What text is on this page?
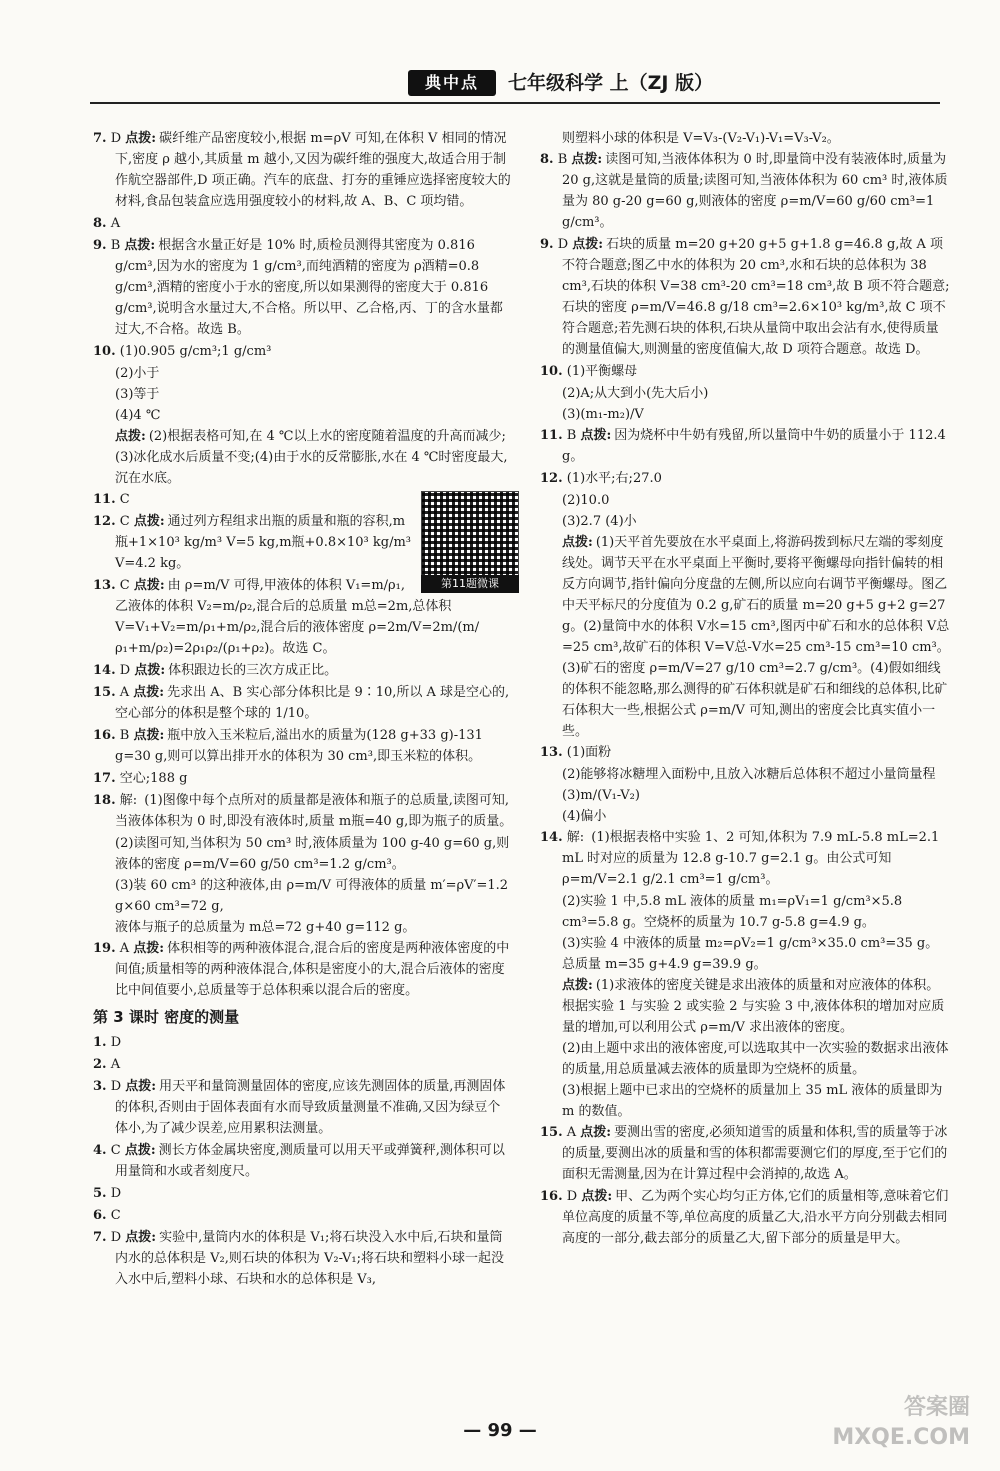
典中点	七年级科学 上（ZJ 版）
7. D 点拨: 碳纤维产品密度较小,根据 m=ρV 可知,在体积 V 相同的情况下,密度 ρ 越小,其质量 m 越小,又因为碳纤维的强度大,故适合用于制作航空器部件,D 项正确。汽车的底盘、打夯的重锤应选择密度较大的材料,食品包装盒应选用强度较小的材料,故 A、B、C 项均错。
8. A
9. B 点拨: 根据含水量正好是 10% 时,质检员测得其密度为 0.816 g/cm³,因为水的密度为 1 g/cm³,而纯酒精的密度为 ρ酒精=0.8 g/cm³,酒精的密度小于水的密度,所以如果测得的密度大于 0.816 g/cm³,说明含水量过大,不合格。所以甲、乙合格,丙、丁的含水量都过大,不合格。故选 B。
10. (1)0.905 g/cm³;1 g/cm³
(2)小于
(3)等于
(4)4 ℃
点拨: (2)根据表格可知,在 4 ℃以上水的密度随着温度的升高而减少;(3)冰化成水后质量不变;(4)由于水的反常膨胀,水在 4 ℃时密度最大,沉在水底。
第11题微课
11. C
12. C 点拨: 通过列方程组求出瓶的质量和瓶的容积,m瓶+1×10³ kg/m³ V=5 kg,m瓶+0.8×10³ kg/m³ V=4.2 kg。
13. C 点拨: 由 ρ=m/V 可得,甲液体的体积 V₁=m/ρ₁,乙液体的体积 V₂=m/ρ₂,混合后的总质量 m总=2m,总体积 V=V₁+V₂=m/ρ₁+m/ρ₂,混合后的液体密度 ρ=2m/V=2m/(m/ρ₁+m/ρ₂)=2ρ₁ρ₂/(ρ₁+ρ₂)。故选 C。
14. D 点拨: 体积跟边长的三次方成正比。
15. A 点拨: 先求出 A、B 实心部分体积比是 9∶10,所以 A 球是空心的,空心部分的体积是整个球的 1/10。
16. B 点拨: 瓶中放入玉米粒后,溢出水的质量为(128 g+33 g)-131 g=30 g,则可以算出排开水的体积为 30 cm³,即玉米粒的体积。
17. 空心;188 g
18. 解: (1)图像中每个点所对的质量都是液体和瓶子的总质量,读图可知,当液体体积为 0 时,即没有液体时,质量 m瓶=40 g,即为瓶子的质量。
(2)读图可知,当体积为 50 cm³ 时,液体质量为 100 g-40 g=60 g,则液体的密度 ρ=m/V=60 g/50 cm³=1.2 g/cm³。
(3)装 60 cm³ 的这种液体,由 ρ=m/V 可得液体的质量 m′=ρV′=1.2 g×60 cm³=72 g,
液体与瓶子的总质量为 m总=72 g+40 g=112 g。
19. A 点拨: 体积相等的两种液体混合,混合后的密度是两种液体密度的中间值;质量相等的两种液体混合,体积是密度小的大,混合后液体的密度比中间值要小,总质量等于总体积乘以混合后的密度。
第 3 课时 密度的测量
1. D
2. A
3. D 点拨: 用天平和量筒测量固体的密度,应该先测固体的质量,再测固体的体积,否则由于固体表面有水而导致质量测量不准确,又因为绿豆个体小,为了减少误差,应用累积法测量。
4. C 点拨: 测长方体金属块密度,测质量可以用天平或弹簧秤,测体积可以用量筒和水或者刻度尺。
5. D
6. C
7. D 点拨: 实验中,量筒内水的体积是 V₁;将石块没入水中后,石块和量筒内水的总体积是 V₂,则石块的体积为 V₂-V₁;将石块和塑料小球一起没入水中后,塑料小球、石块和水的总体积是 V₃,
则塑料小球的体积是 V=V₃-(V₂-V₁)-V₁=V₃-V₂。
8. B 点拨: 读图可知,当液体体积为 0 时,即量筒中没有装液体时,质量为 20 g,这就是量筒的质量;读图可知,当液体体积为 60 cm³ 时,液体质量为 80 g-20 g=60 g,则液体的密度 ρ=m/V=60 g/60 cm³=1 g/cm³。
9. D 点拨: 石块的质量 m=20 g+20 g+5 g+1.8 g=46.8 g,故 A 项不符合题意;图乙中水的体积为 20 cm³,水和石块的总体积为 38 cm³,石块的体积 V=38 cm³-20 cm³=18 cm³,故 B 项不符合题意;石块的密度 ρ=m/V=46.8 g/18 cm³=2.6×10³ kg/m³,故 C 项不符合题意;若先测石块的体积,石块从量筒中取出会沾有水,使得质量的测量值偏大,则测量的密度值偏大,故 D 项符合题意。故选 D。
10. (1)平衡螺母
(2)A;从大到小(先大后小)
(3)(m₁-m₂)/V
11. B 点拨: 因为烧杯中牛奶有残留,所以量筒中牛奶的质量小于 112.4 g。
12. (1)水平;右;27.0
(2)10.0
(3)2.7 (4)小
点拨: (1)天平首先要放在水平桌面上,将游码拨到标尺左端的零刻度线处。调节天平在水平桌面上平衡时,要将平衡螺母向指针偏转的相反方向调节,指针偏向分度盘的左侧,所以应向右调节平衡螺母。图乙中天平标尺的分度值为 0.2 g,矿石的质量 m=20 g+5 g+2 g=27 g。(2)量筒中水的体积 V水=15 cm³,图丙中矿石和水的总体积 V总=25 cm³,故矿石的体积 V=V总-V水=25 cm³-15 cm³=10 cm³。(3)矿石的密度 ρ=m/V=27 g/10 cm³=2.7 g/cm³。(4)假如细线的体积不能忽略,那么测得的矿石体积就是矿石和细线的总体积,比矿石体积大一些,根据公式 ρ=m/V 可知,测出的密度会比真实值小一些。
13. (1)面粉
(2)能够将冰糖埋入面粉中,且放入冰糖后总体积不超过小量筒量程
(3)m/(V₁-V₂)
(4)偏小
14. 解: (1)根据表格中实验 1、2 可知,体积为 7.9 mL-5.8 mL=2.1 mL 时对应的质量为 12.8 g-10.7 g=2.1 g。由公式可知 ρ=m/V=2.1 g/2.1 cm³=1 g/cm³。
(2)实验 1 中,5.8 mL 液体的质量 m₁=ρV₁=1 g/cm³×5.8 cm³=5.8 g。空烧杯的质量为 10.7 g-5.8 g=4.9 g。
(3)实验 4 中液体的质量 m₂=ρV₂=1 g/cm³×35.0 cm³=35 g。总质量 m=35 g+4.9 g=39.9 g。
点拨: (1)求液体的密度关键是求出液体的质量和对应液体的体积。根据实验 1 与实验 2 或实验 2 与实验 3 中,液体体积的增加对应质量的增加,可以利用公式 ρ=m/V 求出液体的密度。
(2)由上题中求出的液体密度,可以选取其中一次实验的数据求出液体的质量,用总质量减去液体的质量即为空烧杯的质量。
(3)根据上题中已求出的空烧杯的质量加上 35 mL 液体的质量即为 m 的数值。
15. A 点拨: 要测出雪的密度,必须知道雪的质量和体积,雪的质量等于冰的质量,要测出冰的质量和雪的体积都需要测它们的厚度,至于它们的面积无需测量,因为在计算过程中会消掉的,故选 A。
16. D 点拨: 甲、乙为两个实心均匀正方体,它们的质量相等,意味着它们单位高度的质量不等,单位高度的质量乙大,沿水平方向分别截去相同高度的一部分,截去部分的质量乙大,留下部分的质量是甲大。
— 99 —
答案圈
MXQE.COM
